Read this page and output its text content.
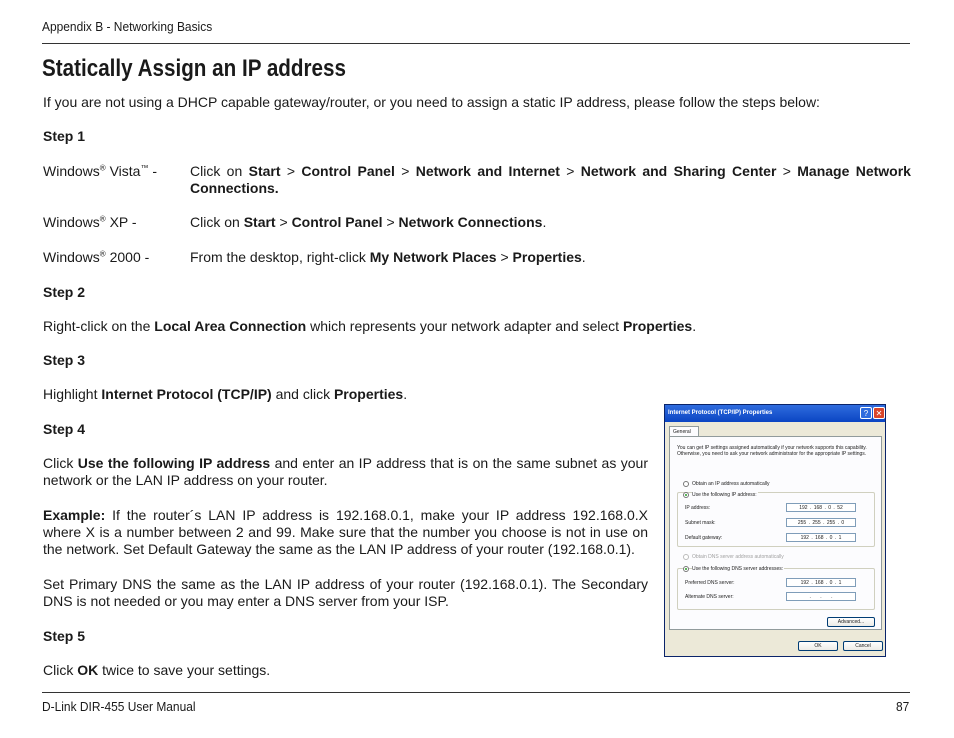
Appendix B - Networking Basics
Statically Assign an IP address
If you are not using a DHCP capable gateway/router, or you need to assign a static IP address, please follow the steps below:
Step 1
Windows® Vista™ - Click on Start > Control Panel > Network and Internet > Network and Sharing Center > Manage Network Connections.
Windows® XP -	Click on Start > Control Panel > Network Connections.
Windows® 2000 -	From the desktop, right-click My Network Places > Properties.
Step 2
Right-click on the Local Area Connection which represents your network adapter and select Properties.
Step 3
Highlight Internet Protocol (TCP/IP) and click Properties.
Step 4
Click Use the following IP address and enter an IP address that is on the same subnet as your network or the LAN IP address on your router.
Example: If the router´s LAN IP address is 192.168.0.1, make your IP address 192.168.0.X where X is a number between 2 and 99. Make sure that the number you choose is not in use on the network. Set Default Gateway the same as the LAN IP address of your router (192.168.0.1).
Set Primary DNS the same as the LAN IP address of your router (192.168.0.1). The Secondary DNS is not needed or you may enter a DNS server from your ISP.
Step 5
Click OK twice to save your settings.
Internet Protocol (TCP/IP) Properties	? ✕
General
You can get IP settings assigned automatically if your network supports this capability. Otherwise, you need to ask your network administrator for the appropriate IP settings.
Obtain an IP address automatically
Use the following IP address:
IP address:	192 . 168 . 0 . 52
Subnet mask:	255 . 255 . 255 . 0
Default gateway:	192 . 168 . 0 . 1
Obtain DNS server address automatically
Use the following DNS server addresses:
Preferred DNS server:	192 . 168 . 0 . 1
Alternate DNS server:	. . .
Advanced...
OK	Cancel
D-Link DIR-455 User Manual	87
